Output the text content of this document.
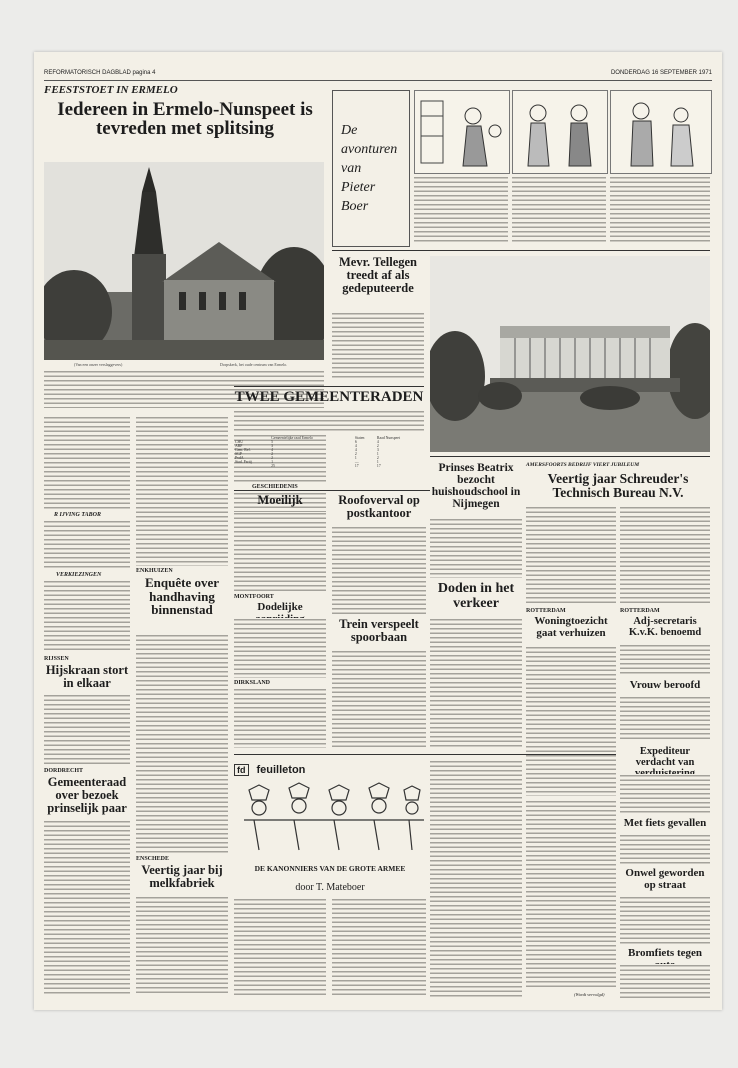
REFORMATORISCH DAGBLAD pagina 4	DONDERDAG 16 SEPTEMBER 1971
FEESTSTOET IN ERMELO
Iedereen in Ermelo-Nunspeet is tevreden met splitsing
(Van een onzer verslaggevers)	Dorpskerk, het oude centrum van Ermelo.
R IJVING TABOR
VERKIEZINGEN
RIJSSEN
Hijskraan stort in elkaar
DORDRECHT
Gemeenteraad over bezoek prinselijk paar
ENKHUIZEN
Enquête over handhaving binnenstad
ENSCHEDE
Veertig jaar bij melkfabriek
GESCHIEDENIS
De
avonturen
van
Pieter
Boer
Mevr. Tellegen treedt af als gedeputeerde
TWEE GEMEENTERADEN
	Gemeentelijke raad Ermelo	Staten	Raad Nunspeet
CHU	5	6	4
ARP	3	4	2
Gem. Ref.	4	4	3
SGP	2	2	1
PvdA	2	1	2
Stad. Partij	1	—	1
	25	17	17
Moeilijk
MONTFOORT
Dodelijke
DIRKSLAND
Roofoverval op postkantoor
Trein verspeelt spoorbaan
Prinses Beatrix bezocht huishoudschool in Nijmegen
Doden in het verkeer
AMERSFOORTS BEDRIJF VIERT JUBILEUM
Veertig jaar Schreuder's Technisch Bureau N.V.
ROTTERDAM
Woningtoezicht gaat verhuizen
ROTTERDAM
Adj-secretaris K.v.K. benoemd
Vrouw beroofd
Expediteur verdacht van
Met fiets gevallen
Onwel geworden op straat
Bromfiets tegen
fd feuilleton
DE KANONNIERS VAN DE GROTE ARMEE
door T. Mateboer
(Wordt vervolgd)
